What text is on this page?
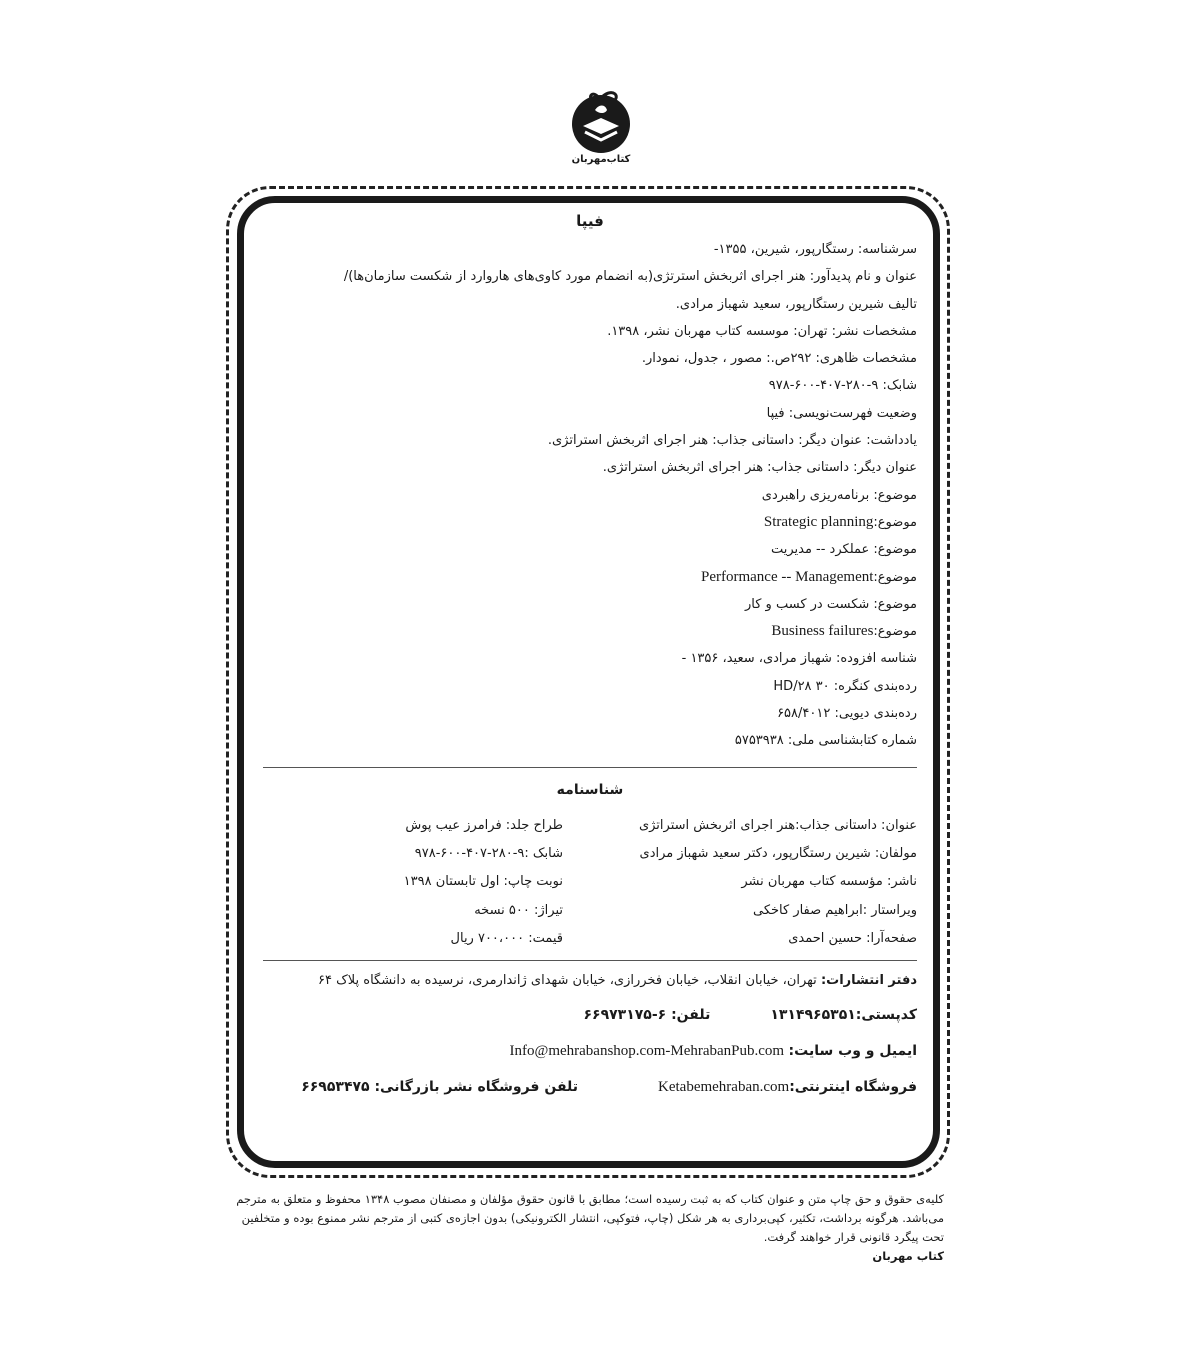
کتاب‌مهربان
فیپا
سرشناسه: رستگارپور، شیرین، ۱۳۵۵-
عنوان و نام پدیدآور: هنر اجرای اثربخش استرتژی(به انضمام مورد کاوی‌های هاروارد از شکست سازمان‌ها)/
تالیف شیرین رستگارپور، سعید شهباز مرادی.
مشخصات نشر: تهران: موسسه کتاب مهربان نشر، ۱۳۹۸.
مشخصات ظاهری: ۲۹۲ص.: مصور ، جدول، نمودار.
شابک: ۹-۲۸۰-۴۰۷-۶۰۰-۹۷۸
وضعیت فهرست‌نویسی: فیپا
یادداشت: عنوان دیگر: داستانی جذاب: هنر اجرای اثربخش استراتژی.
عنوان دیگر: داستانی جذاب: هنر اجرای اثربخش استراتژی.
موضوع: برنامه‌ریزی راهبردی
موضوع: Strategic planning
موضوع: عملکرد -- مدیریت
موضوع: Performance -- Management
موضوع: شکست در کسب و کار
موضوع: Business failures
شناسه افزوده: شهباز مرادی، سعید، ۱۳۵۶ -
رده‌بندی کنگره: HD/۲۸ ۳۰
رده‌بندی دیویی: ۶۵۸/۴۰۱۲
شماره کتابشناسی ملی: ۵۷۵۳۹۳۸
شناسنامه
عنوان: داستانی جذاب:هنر اجرای اثربخش استراتژی
مولفان: شیرین رستگارپور، دکتر سعید شهباز مرادی
ناشر: مؤسسه کتاب مهربان نشر
ویراستار :ابراهیم صفار کاخکی
صفحه‌آرا: حسین احمدی
طراح جلد: فرامرز عیب پوش
شابک :۹-۲۸۰-۴۰۷-۶۰۰-۹۷۸
نوبت چاپ: اول تابستان ۱۳۹۸
تیراژ: ۵۰۰ نسخه
قیمت: ۷۰۰،۰۰۰ ریال
دفتر انتشارات: تهران، خیابان انقلاب، خیابان فخررازی، خیابان شهدای ژاندارمری، نرسیده به دانشگاه پلاک ۶۴
کدپستی:۱۳۱۴۹۶۵۳۵۱
تلفن: ۶-۶۶۹۷۳۱۷۵
ایمیل و وب سایت: Info@mehrabanshop.com-MehrabanPub.com
فروشگاه اینترنتی:Ketabemehraban.com
تلفن فروشگاه نشر بازرگانی: ۶۶۹۵۳۴۷۵
کلیه‌ی حقوق و حق چاپ متن و عنوان کتاب که به ثبت رسیده است؛ مطابق با قانون حقوق مؤلفان و مصنفان مصوب ۱۳۴۸ محفوظ و متعلق به مترجم
می‌باشد. هرگونه برداشت، تکثیر، کپی‌برداری به هر شکل (چاپ، فتوکپی، انتشار الکترونیکی) بدون اجازه‌ی کتبی از مترجم نشر ممنوع بوده و متخلفین
تحت پیگرد قانونی قرار خواهند گرفت.
کتاب مهربان
